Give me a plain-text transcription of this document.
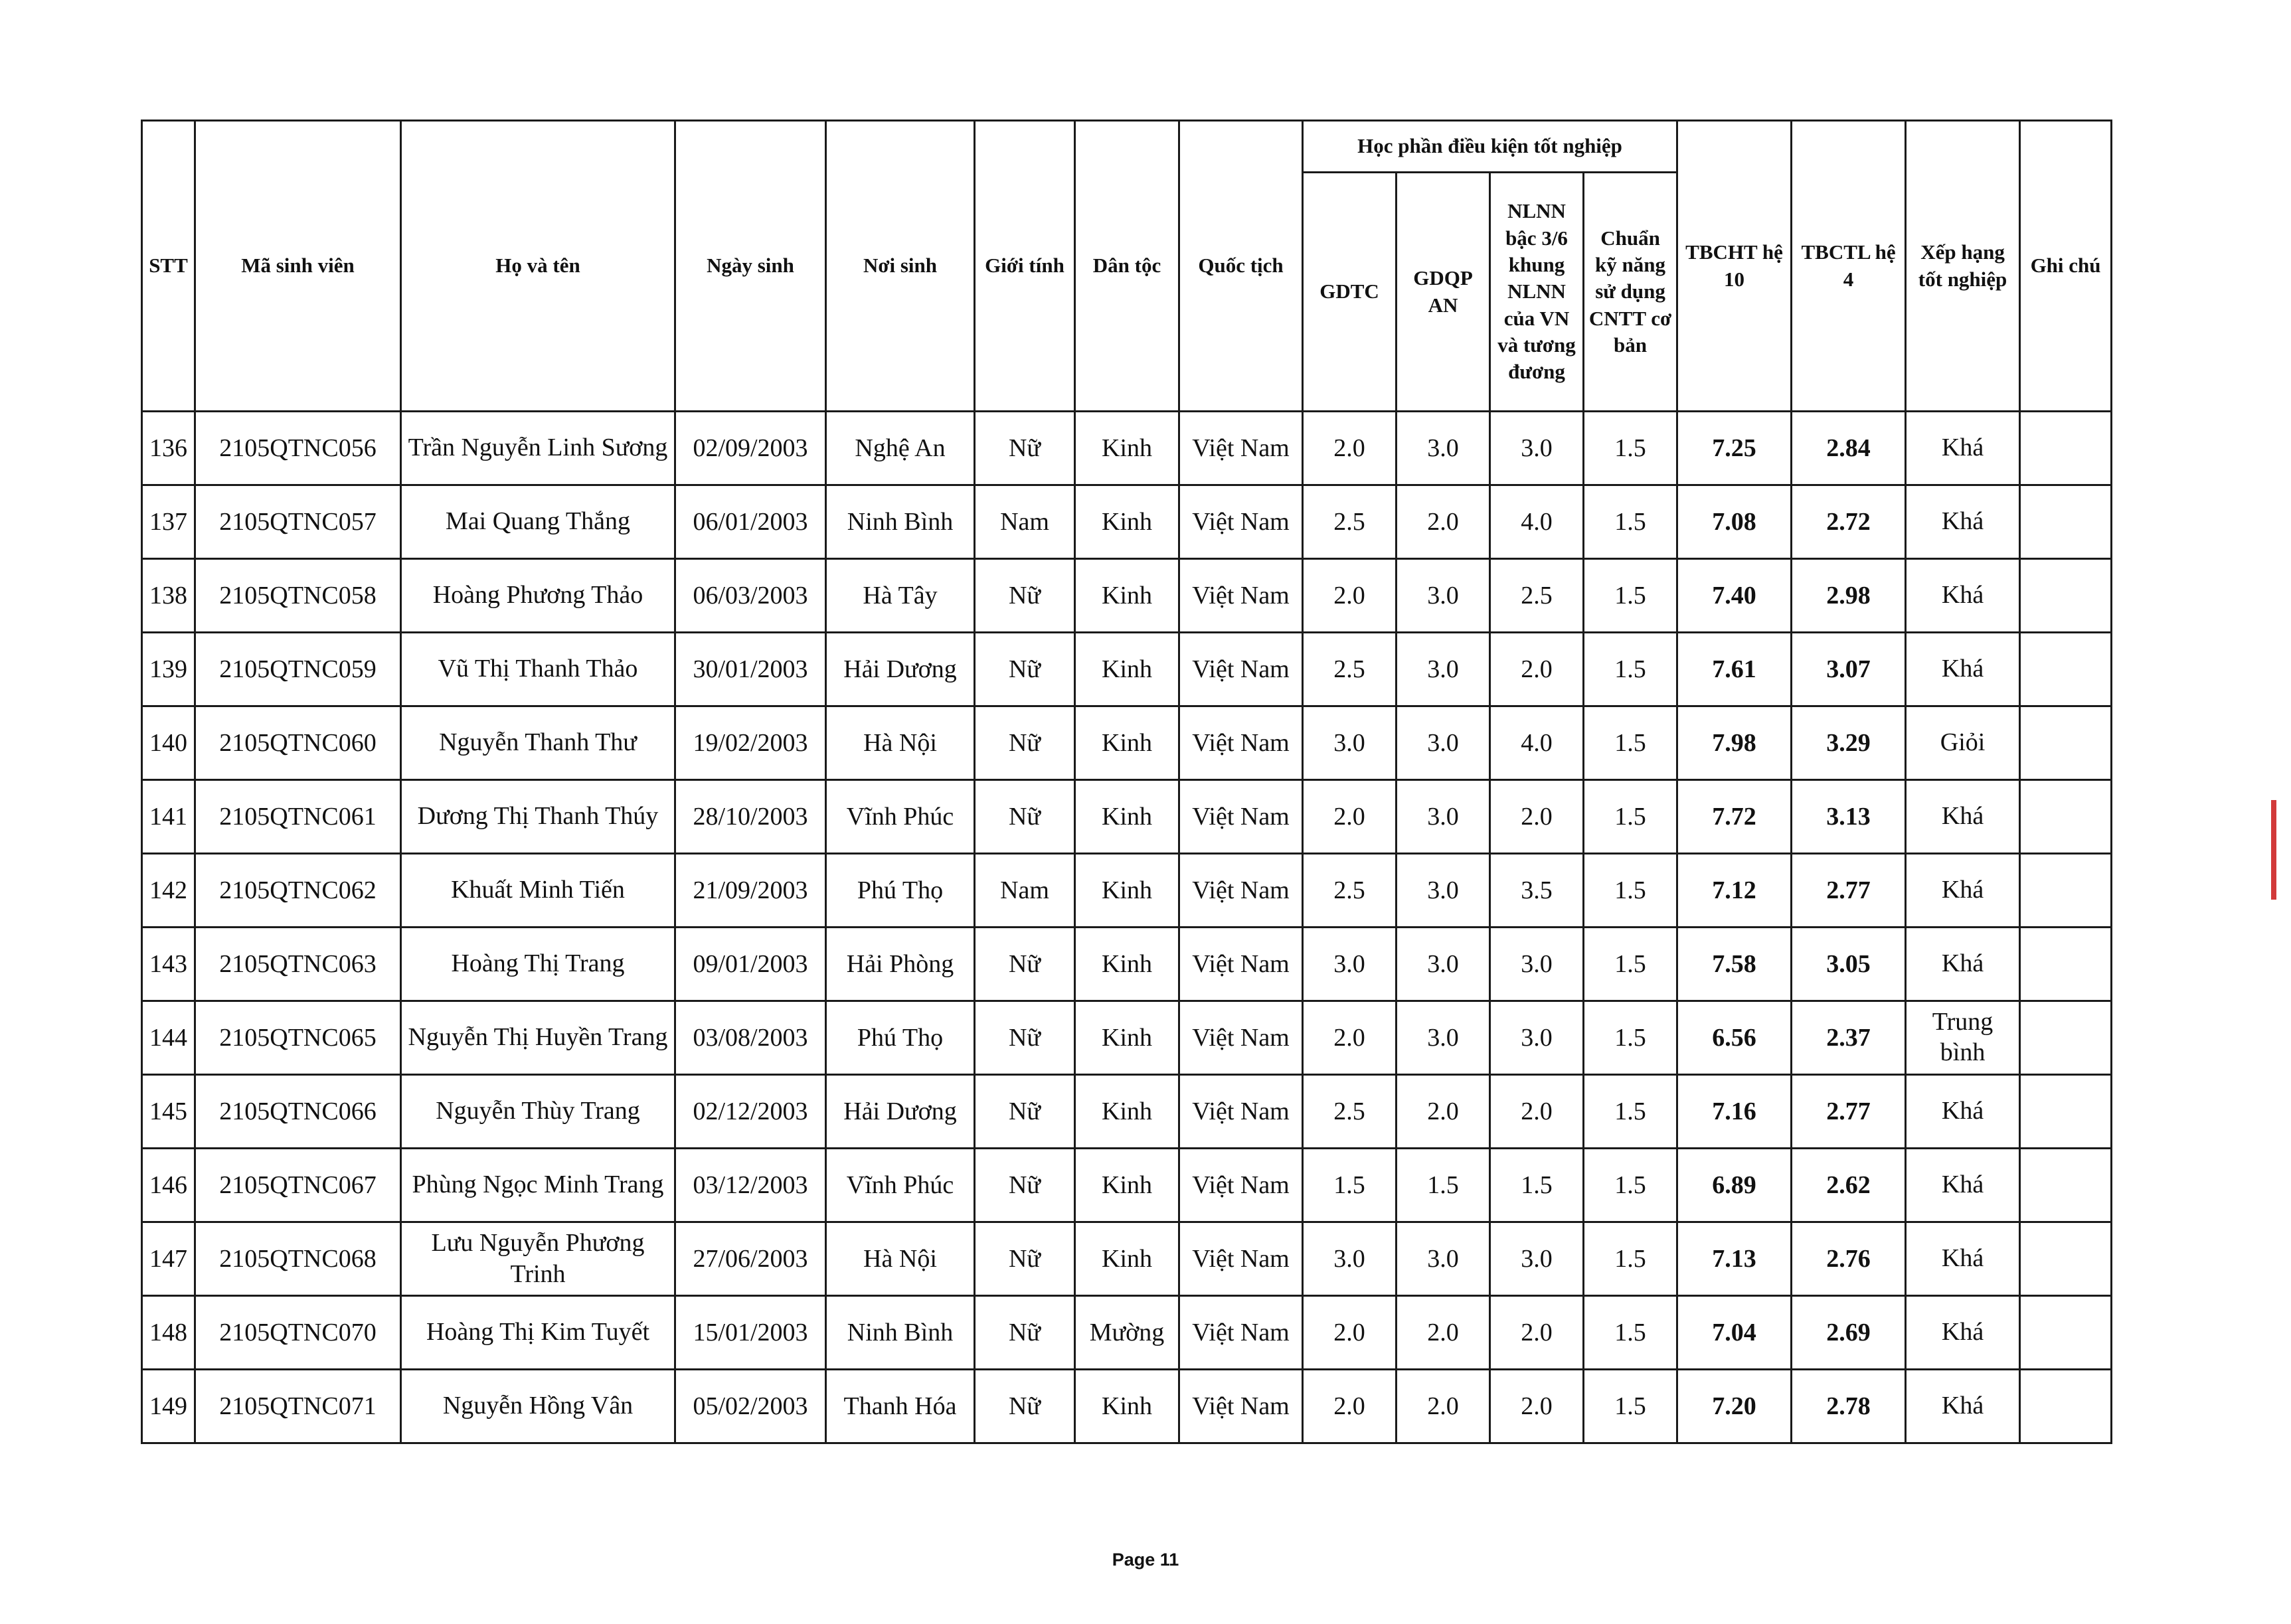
STT	Mã sinh viên	Họ và tên	Ngày sinh	Nơi sinh	Giới tính	Dân tộc	Quốc tịch	Học phần điều kiện tốt nghiệp				TBCHT hệ 10	TBCTL hệ 4	Xếp hạng tốt nghiệp	Ghi chú
								GDTC	GDQP AN	NLNN bậc 3/6 khung NLNN của VN và tương đương	Chuẩn kỹ năng sử dụng CNTT cơ bản				
136	2105QTNC056	Trần Nguyễn Linh Sương	02/09/2003	Nghệ An	Nữ	Kinh	Việt Nam	2.0	3.0	3.0	1.5	7.25	2.84	Khá	
137	2105QTNC057	Mai Quang Thắng	06/01/2003	Ninh Bình	Nam	Kinh	Việt Nam	2.5	2.0	4.0	1.5	7.08	2.72	Khá	
138	2105QTNC058	Hoàng Phương Thảo	06/03/2003	Hà Tây	Nữ	Kinh	Việt Nam	2.0	3.0	2.5	1.5	7.40	2.98	Khá	
139	2105QTNC059	Vũ Thị Thanh Thảo	30/01/2003	Hải Dương	Nữ	Kinh	Việt Nam	2.5	3.0	2.0	1.5	7.61	3.07	Khá	
140	2105QTNC060	Nguyễn Thanh Thư	19/02/2003	Hà Nội	Nữ	Kinh	Việt Nam	3.0	3.0	4.0	1.5	7.98	3.29	Giỏi	
141	2105QTNC061	Dương Thị Thanh Thúy	28/10/2003	Vĩnh Phúc	Nữ	Kinh	Việt Nam	2.0	3.0	2.0	1.5	7.72	3.13	Khá	
142	2105QTNC062	Khuất Minh Tiến	21/09/2003	Phú Thọ	Nam	Kinh	Việt Nam	2.5	3.0	3.5	1.5	7.12	2.77	Khá	
143	2105QTNC063	Hoàng Thị Trang	09/01/2003	Hải Phòng	Nữ	Kinh	Việt Nam	3.0	3.0	3.0	1.5	7.58	3.05	Khá	
144	2105QTNC065	Nguyễn Thị Huyền Trang	03/08/2003	Phú Thọ	Nữ	Kinh	Việt Nam	2.0	3.0	3.0	1.5	6.56	2.37	Trung bình	
145	2105QTNC066	Nguyễn Thùy Trang	02/12/2003	Hải Dương	Nữ	Kinh	Việt Nam	2.5	2.0	2.0	1.5	7.16	2.77	Khá	
146	2105QTNC067	Phùng Ngọc Minh Trang	03/12/2003	Vĩnh Phúc	Nữ	Kinh	Việt Nam	1.5	1.5	1.5	1.5	6.89	2.62	Khá	
147	2105QTNC068	Lưu Nguyễn Phương Trinh	27/06/2003	Hà Nội	Nữ	Kinh	Việt Nam	3.0	3.0	3.0	1.5	7.13	2.76	Khá	
148	2105QTNC070	Hoàng Thị Kim Tuyết	15/01/2003	Ninh Bình	Nữ	Mường	Việt Nam	2.0	2.0	2.0	1.5	7.04	2.69	Khá	
149	2105QTNC071	Nguyễn Hồng Vân	05/02/2003	Thanh Hóa	Nữ	Kinh	Việt Nam	2.0	2.0	2.0	1.5	7.20	2.78	Khá	
Page 11
